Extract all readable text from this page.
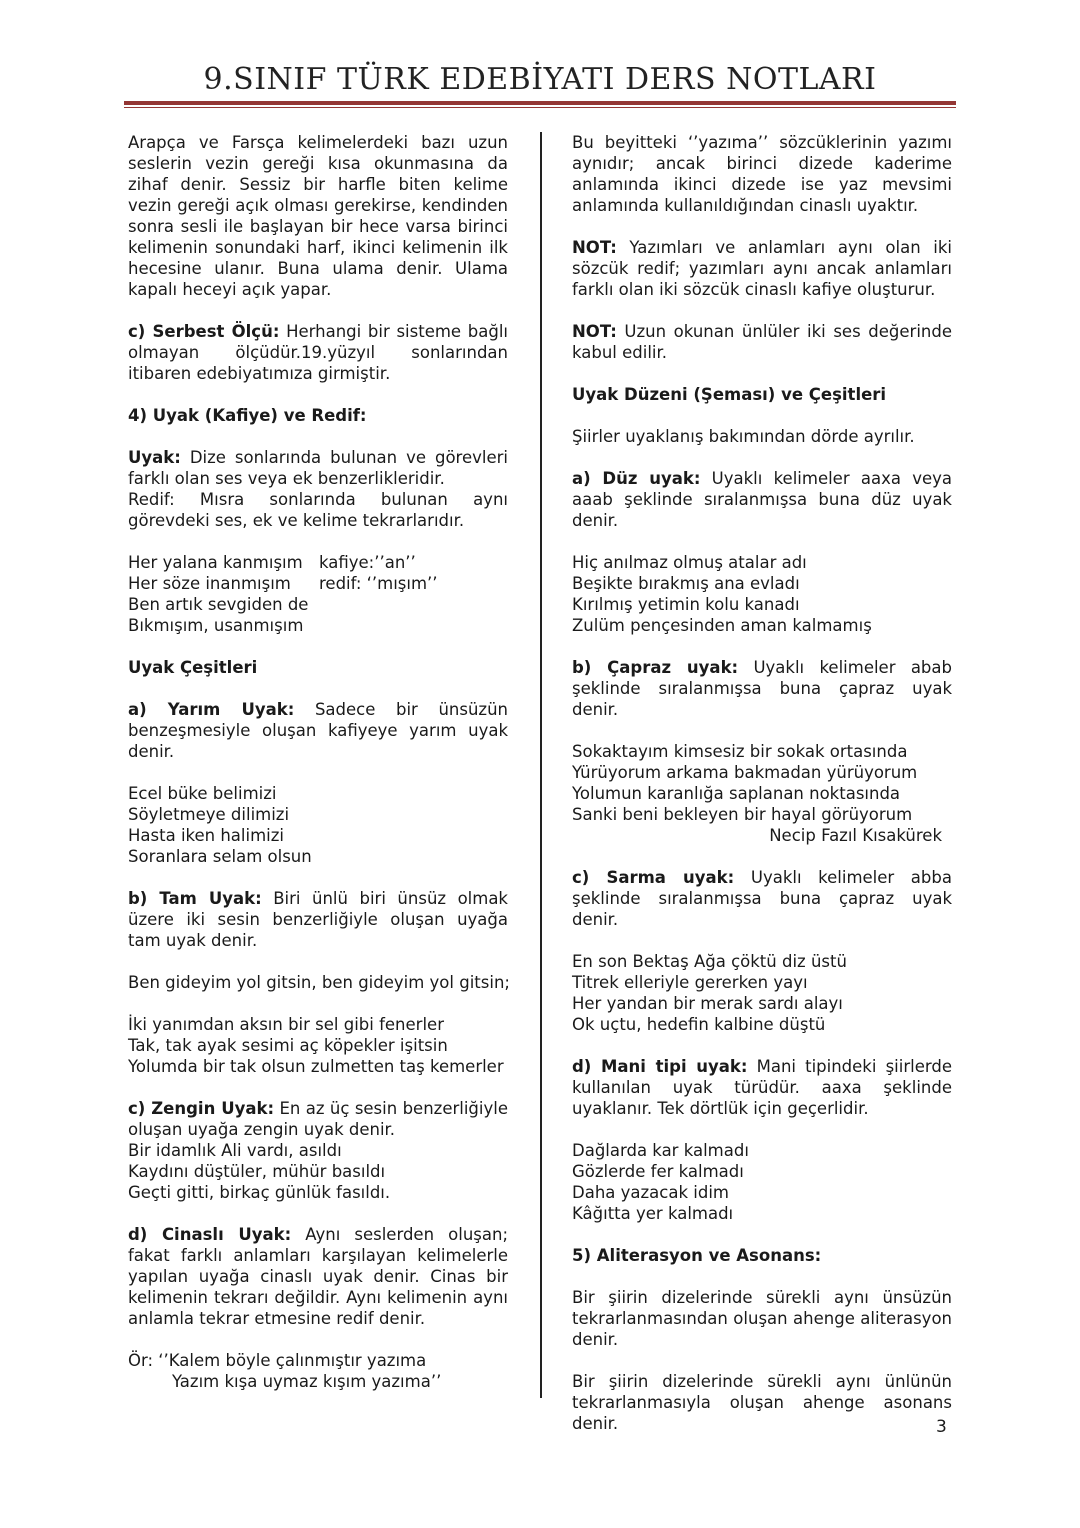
9.SINIF TÜRK EDEBİYATI DERS NOTLARI

Arapça ve Farsça kelimelerdeki bazı uzun seslerin vezin gereği kısa okunmasına da zihaf denir. Sessiz bir harfle biten kelime vezin gereği açık olması gerekirse, kendinden sonra sesli ile başlayan bir hece varsa birinci kelimenin sonundaki harf, ikinci kelimenin ilk hecesine ulanır. Buna ulama denir. Ulama kapalı heceyi açık yapar.

c) Serbest Ölçü: Herhangi bir sisteme bağlı olmayan ölçüdür.19.yüzyıl sonlarından itibaren edebiyatımıza girmiştir.

4) Uyak (Kafiye) ve Redif:

Uyak: Dize sonlarında bulunan ve görevleri farklı olan ses veya ek benzerlikleridir.
Redif: Mısra sonlarında bulunan aynı görevdeki ses, ek ve kelime tekrarlarıdır.

Her yalana kanmışım kafiye:’’an’’
Her söze inanmışım	redif: ‘’mışım’’
Ben artık sevgiden de
Bıkmışım, usanmışım

Uyak Çeşitleri

a) Yarım Uyak: Sadece bir ünsüzün benzeşmesiyle oluşan kafiyeye yarım uyak denir.

Ecel büke belimizi
Söyletmeye dilimizi
Hasta iken halimizi
Soranlara selam olsun

b) Tam Uyak: Biri ünlü biri ünsüz olmak üzere iki sesin benzerliğiyle oluşan uyağa tam uyak denir.

Ben gideyim yol gitsin, ben gideyim yol gitsin;
İki yanımdan aksın bir sel gibi fenerler
Tak, tak ayak sesimi aç köpekler işitsin
Yolumda bir tak olsun zulmetten taş kemerler
c) Zengin Uyak: En az üç sesin benzerliğiyle oluşan uyağa zengin uyak denir.
Bir idamlık Ali vardı, asıldı
Kaydını düştüler, mühür basıldı
Geçti gitti, birkaç günlük fasıldı.

d) Cinaslı Uyak: Aynı seslerden oluşan; fakat farklı anlamları karşılayan kelimelerle yapılan uyağa cinaslı uyak denir. Cinas bir kelimenin tekrarı değildir. Aynı kelimenin aynı anlamla tekrar etmesine redif denir.

Ör: ‘’Kalem böyle çalınmıştır yazıma
Yazım kışa uymaz kışım yazıma’’

Bu beyitteki ‘’yazıma’’ sözcüklerinin yazımı aynıdır; ancak birinci dizede kaderime anlamında ikinci dizede ise yaz mevsimi anlamında kullanıldığından cinaslı uyaktır.

NOT: Yazımları ve anlamları aynı olan iki sözcük redif; yazımları aynı ancak anlamları farklı olan iki sözcük cinaslı kafiye oluşturur.

NOT: Uzun okunan ünlüler iki ses değerinde kabul edilir.

Uyak Düzeni (Şeması) ve Çeşitleri

Şiirler uyaklanış bakımından dörde ayrılır.

a) Düz uyak: Uyaklı kelimeler aaxa veya aaab şeklinde sıralanmışsa buna düz uyak denir.

Hiç anılmaz olmuş atalar adı
Beşikte bırakmış ana evladı
Kırılmış yetimin kolu kanadı
Zulüm pençesinden aman kalmamış

b) Çapraz uyak: Uyaklı kelimeler abab şeklinde sıralanmışsa buna çapraz uyak denir.

Sokaktayım kimsesiz bir sokak ortasında
Yürüyorum arkama bakmadan yürüyorum
Yolumun karanlığa saplanan noktasında
Sanki beni bekleyen bir hayal görüyorum
Necip Fazıl Kısakürek

c) Sarma uyak: Uyaklı kelimeler abba şeklinde sıralanmışsa buna çapraz uyak denir.

En son Bektaş Ağa çöktü diz üstü
Titrek elleriyle gererken yayı
Her yandan bir merak sardı alayı
Ok uçtu, hedefin kalbine düştü

d) Mani tipi uyak: Mani tipindeki şiirlerde kullanılan uyak türüdür. aaxa şeklinde uyaklanır. Tek dörtlük için geçerlidir.

Dağlarda kar kalmadı
Gözlerde fer kalmadı
Daha yazacak idim
Kâğıtta yer kalmadı

5) Aliterasyon ve Asonans:

Bir şiirin dizelerinde sürekli aynı ünsüzün tekrarlanmasından oluşan ahenge aliterasyon denir.

Bir şiirin dizelerinde sürekli aynı ünlünün tekrarlanmasıyla oluşan ahenge asonans denir.	3
